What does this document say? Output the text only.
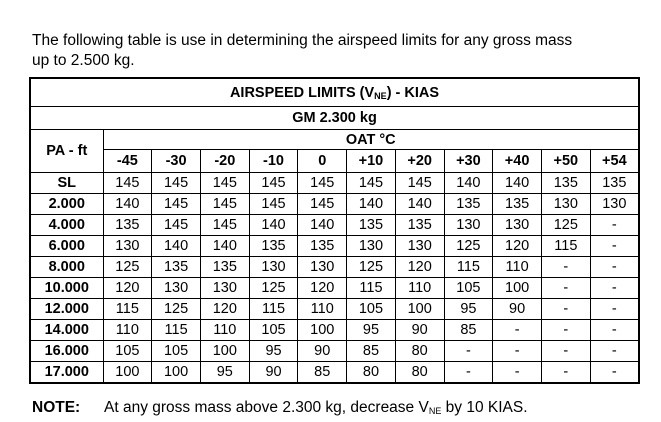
The following table is use in determining the airspeed limits for any gross mass
up to 2.500 kg.
AIRSPEED LIMITS $(V_{NE})$ - KIAS											
GM 2.300 kg											
PA - ft	OAT °C										
	-45	-30	-20	-10	0	+10	+20	+30	+40	+50	+54
SL	145	145	145	145	145	145	145	140	140	135	135
2.000	140	145	145	145	145	140	140	135	135	130	130
4.000	135	145	145	140	140	135	135	130	130	125	-
6.000	130	140	140	135	135	130	130	125	120	115	-
8.000	125	135	135	130	130	125	120	115	110	-	-
10.000	120	130	130	125	120	115	110	105	100	-	-
12.000	115	125	120	115	110	105	100	95	90	-	-
14.000	110	115	110	105	100	95	90	85	-	-	-
16.000	105	105	100	95	90	85	80	-	-	-	-
17.000	100	100	95	90	85	80	80	-	-	-	-
NOTE: At any gross mass above 2.300 kg, decrease $V_{NE}$ by 10 KIAS.
